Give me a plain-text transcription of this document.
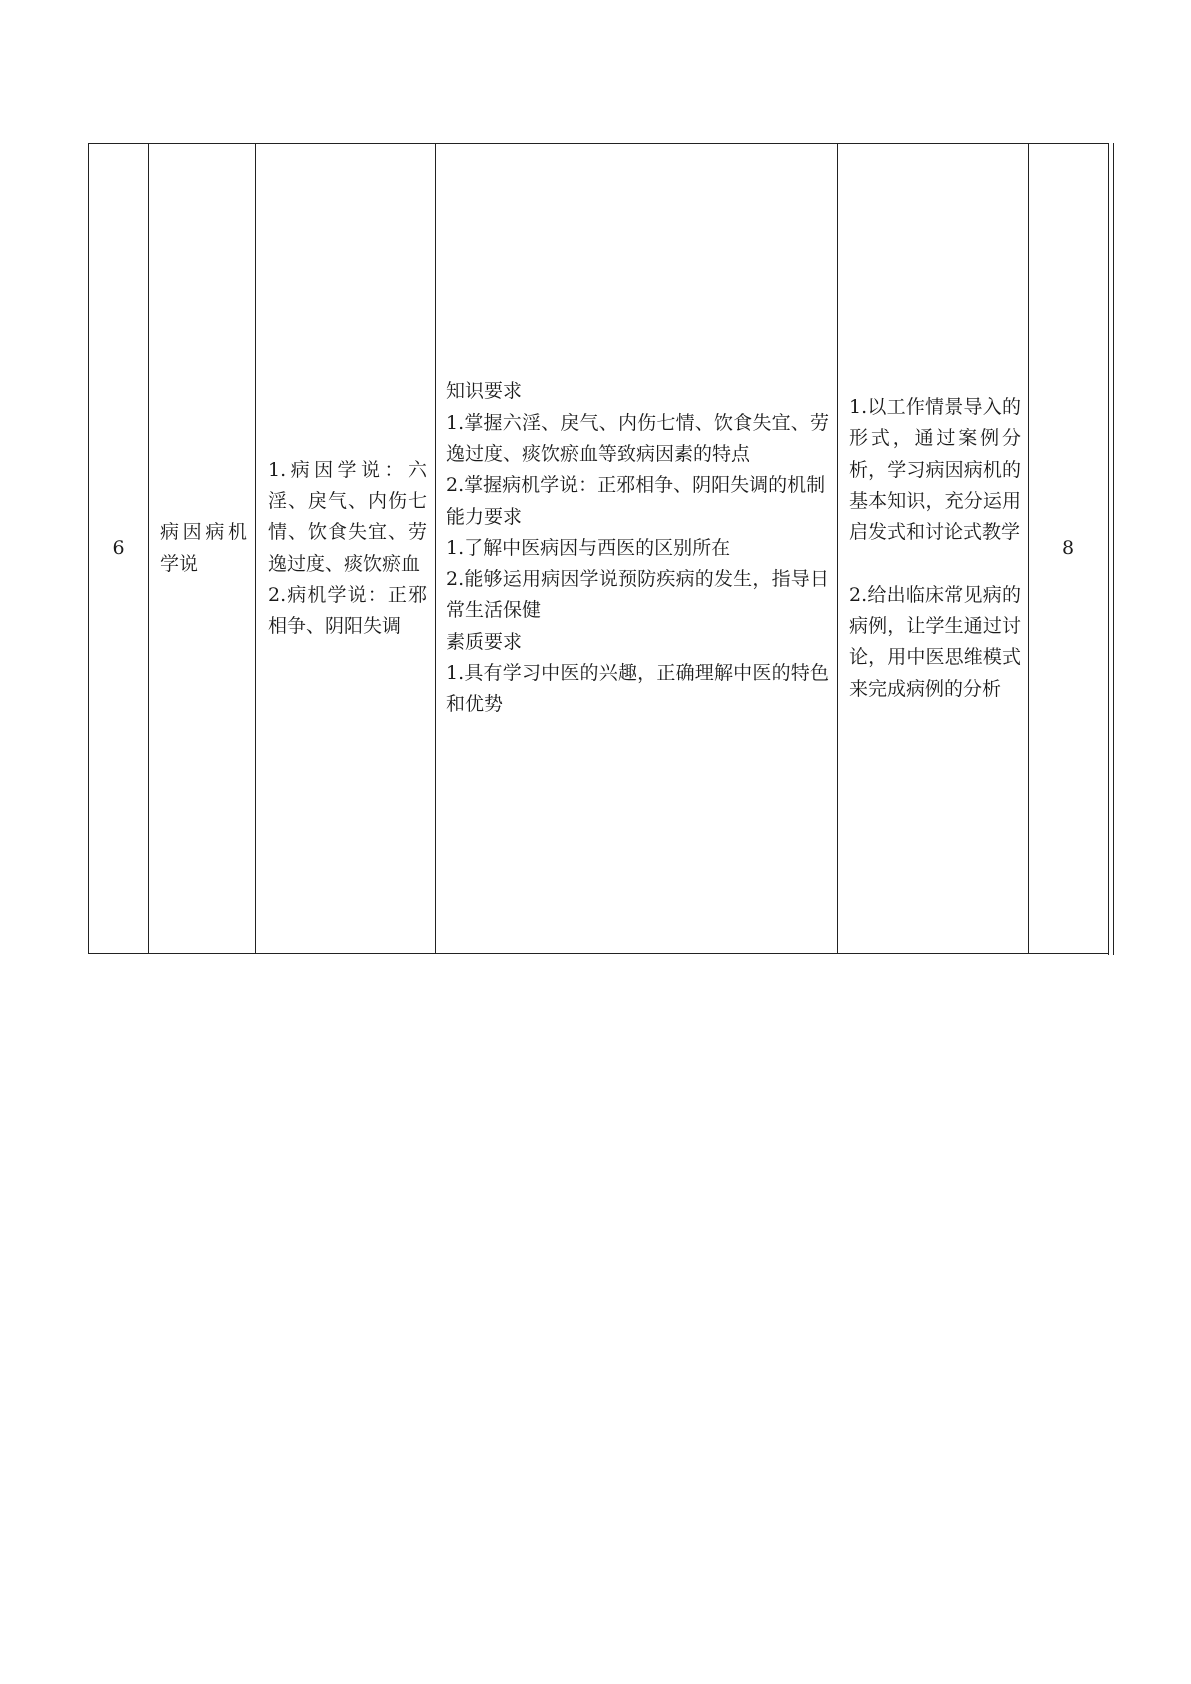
6
病因病机学说
1.病因学说：六淫、戾气、内伤七情、饮食失宜、劳逸过度、痰饮瘀血
2.病机学说：正邪相争、阴阳失调
知识要求
1.掌握六淫、戾气、内伤七情、饮食失宜、劳逸过度、痰饮瘀血等致病因素的特点
2.掌握病机学说：正邪相争、阴阳失调的机制
能力要求
1.了解中医病因与西医的区别所在
2.能够运用病因学说预防疾病的发生，指导日常生活保健
素质要求
1.具有学习中医的兴趣，正确理解中医的特色和优势
1.以工作情景导入的形式，通过案例分析，学习病因病机的基本知识，充分运用启发式和讨论式教学
2.给出临床常见病的病例，让学生通过讨论，用中医思维模式来完成病例的分析
8
